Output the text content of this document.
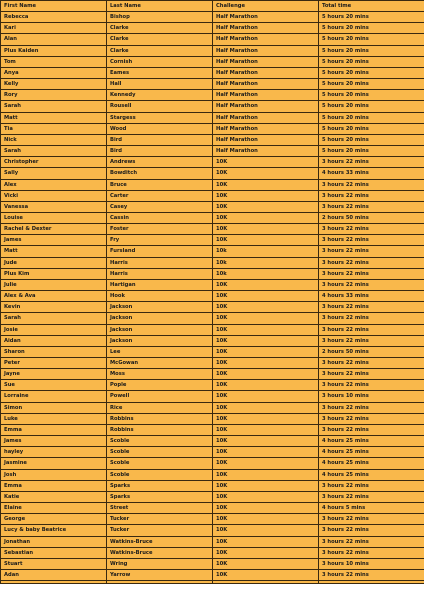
First Name	Last Name	Challenge	Total time
Rebecca	Bishop	Half Marathon	5 hours 20 mins
Kari	Clarke	Half Marathon	5 hours 20 mins
Alan	Clarke	Half Marathon	5 hours 20 mins
Plus Kaiden	Clarke	Half Marathon	5 hours 20 mins
Tom	Cornish	Half Marathon	5 hours 20 mins
Anya	Eames	Half Marathon	5 hours 20 mins
Kelly	Hall	Half Marathon	5 hours 20 mins
Rory	Kennedy	Half Marathon	5 hours 20 mins
Sarah	Rousell	Half Marathon	5 hours 20 mins
Matt	Stargess	Half Marathon	5 hours 20 mins
Tia	Wood	Half Marathon	5 hours 20 mins
Nick	Bird	Half Marathon	5 hours 20 mins
Sarah	Bird	Half Marathon	5 hours 20 mins
Christopher	Andrews	10K	3 hours 22 mins
Sally	Bowditch	10K	4 hours 33 mins
Alex	Bruce	10K	3 hours 22 mins
Vicki	Carter	10K	3 hours 22 mins
Vanessa	Casey	10K	3 hours 22 mins
Louise	Cassin	10K	2 hours 50 mins
Rachel & Dexter	Foster	10K	3 hours 22 mins
James	Fry	10K	3 hours 22 mins
Matt	Fursland	10k	3 hours 22 mins
Jude	Harris	10k	3 hours 22 mins
Plus Kim	Harris	10k	3 hours 22 mins
Julie	Hartigan	10K	3 hours 22 mins
Alex & Ava	Hook	10K	4 hours 33 mins
Kevin	Jackson	10K	3 hours 22 mins
Sarah	Jackson	10K	3 hours 22 mins
Josie	Jackson	10K	3 hours 22 mins
Aidan	Jackson	10K	3 hours 22 mins
Sharon	Lee	10K	2 hours 50 mins
Peter	McGowan	10K	3 hours 22 mins
Jayne	Moss	10K	3 hours 22 mins
Sue	Pople	10K	3 hours 22 mins
Lorraine	Powell	10K	3 hours 10 mins
Simon	Rice	10K	3 hours 22 mins
Luke	Robbins	10K	3 hours 22 mins
Emma	Robbins	10K	3 hours 22 mins
James	Scoble	10K	4 hours 25 mins
hayley	Scoble	10K	4 hours 25 mins
Jasmine	Scoble	10K	4 hours 25 mins
Josh	Scoble	10K	4 hours 25 mins
Emma	Sparks	10K	3 hours 22 mins
Katie	Sparks	10K	3 hours 22 mins
Elaine	Street	10K	4 hours 5 mins
George	Tucker	10K	3 hours 22 mins
Lucy & baby Beatrice	Tucker	10K	3 hours 22 mins
Jonathan	Watkins-Bruce	10K	3 hours 22 mins
Sebastian	Watkins-Bruce	10K	3 hours 22 mins
Stuart	Wring	10K	3 hours 10 mins
Adan	Yarrow	10K	3 hours 22 mins
